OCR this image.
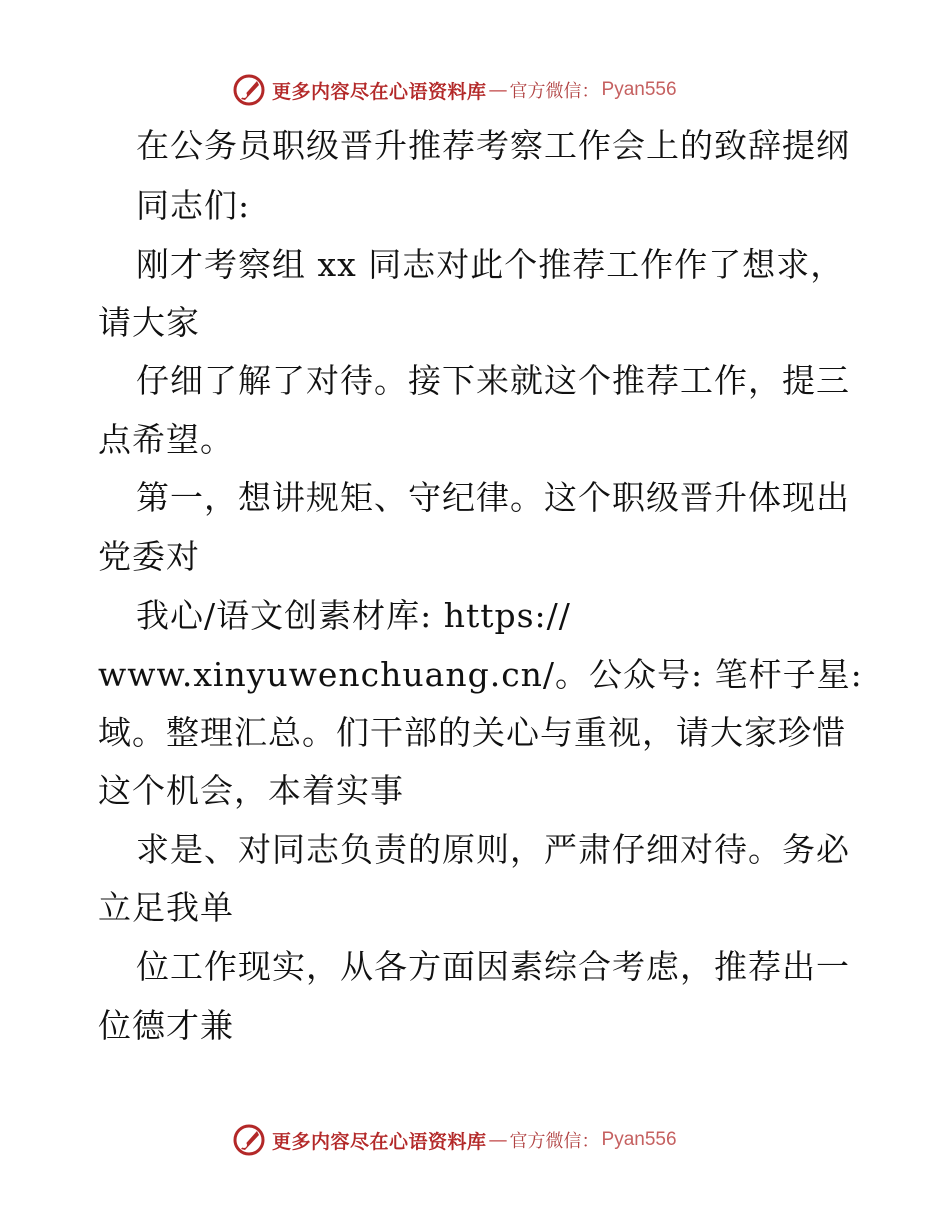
更多内容尽在心语资料库 — 官方微信： Pyan556
在公务员职级晋升推荐考察工作会上的致辞提纲
同志们:
刚才考察组 xx 同志对此个推荐工作作了想求，
请大家
仔细了解了对待。接下来就这个推荐工作，提三
点希望。
第一，想讲规矩、守纪律。这个职级晋升体现出
党委对
我心/语文创素材库: https://
www.xinyuwenchuang.cn/。公众号: 笔杆子星:
域。整理汇总。们干部的关心与重视，请大家珍惜
这个机会，本着实事
求是、对同志负责的原则，严肃仔细对待。务必
立足我单
位工作现实，从各方面因素综合考虑，推荐出一
位德才兼
更多内容尽在心语资料库 — 官方微信： Pyan556
